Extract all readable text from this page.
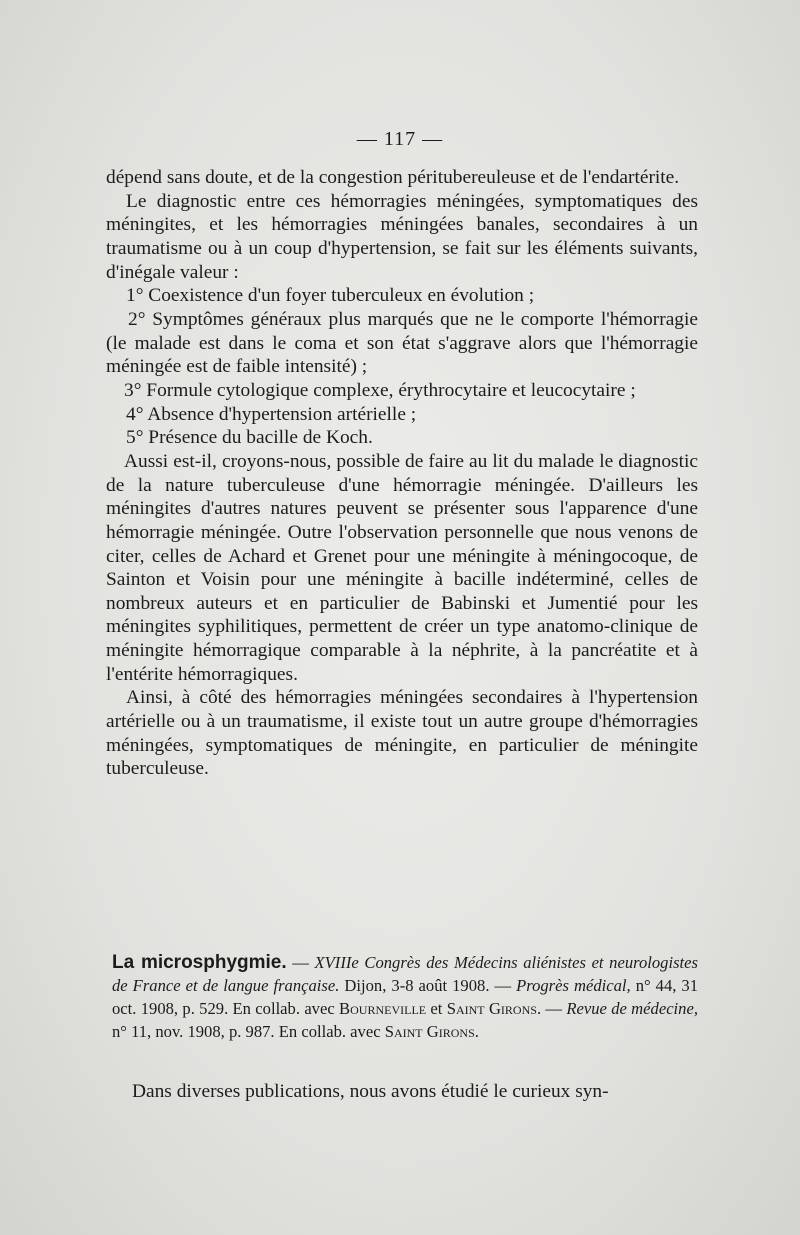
— 117 —

dépend sans doute, et de la congestion péritubereuleuse et de l'endartérite.

Le diagnostic entre ces hémorragies méningées, symptomatiques des méningites, et les hémorragies méningées banales, secondaires à un traumatisme ou à un coup d'hypertension, se fait sur les éléments suivants, d'inégale valeur :

1° Coexistence d'un foyer tuberculeux en évolution ;

2° Symptômes généraux plus marqués que ne le comporte l'hémorragie (le malade est dans le coma et son état s'aggrave alors que l'hémorragie méningée est de faible intensité) ;

3° Formule cytologique complexe, érythrocytaire et leucocytaire ;

4° Absence d'hypertension artérielle ;

5° Présence du bacille de Koch.

Aussi est-il, croyons-nous, possible de faire au lit du malade le diagnostic de la nature tuberculeuse d'une hémorragie méningée. D'ailleurs les méningites d'autres natures peuvent se présenter sous l'apparence d'une hémorragie méningée. Outre l'observation personnelle que nous venons de citer, celles de Achard et Grenet pour une méningite à méningocoque, de Sainton et Voisin pour une méningite à bacille indéterminé, celles de nombreux auteurs et en particulier de Babinski et Jumentié pour les méningites syphilitiques, permettent de créer un type anatomo-clinique de méningite hémorragique comparable à la néphrite, à la pancréatite et à l'entérite hémorragiques.

Ainsi, à côté des hémorragies méningées secondaires à l'hypertension artérielle ou à un traumatisme, il existe tout un autre groupe d'hémorragies méningées, symptomatiques de méningite, en particulier de méningite tuberculeuse.

La microsphygmie. — XVIIIe Congrès des Médecins aliénistes et neurologistes de France et de langue française. Dijon, 3-8 août 1908. — Progrès médical, n° 44, 31 oct. 1908, p. 529. En collab. avec Bourneville et Saint Girons. — Revue de médecine, n° 11, nov. 1908, p. 987. En collab. avec Saint Girons.
Dans diverses publications, nous avons étudié le curieux syn-
